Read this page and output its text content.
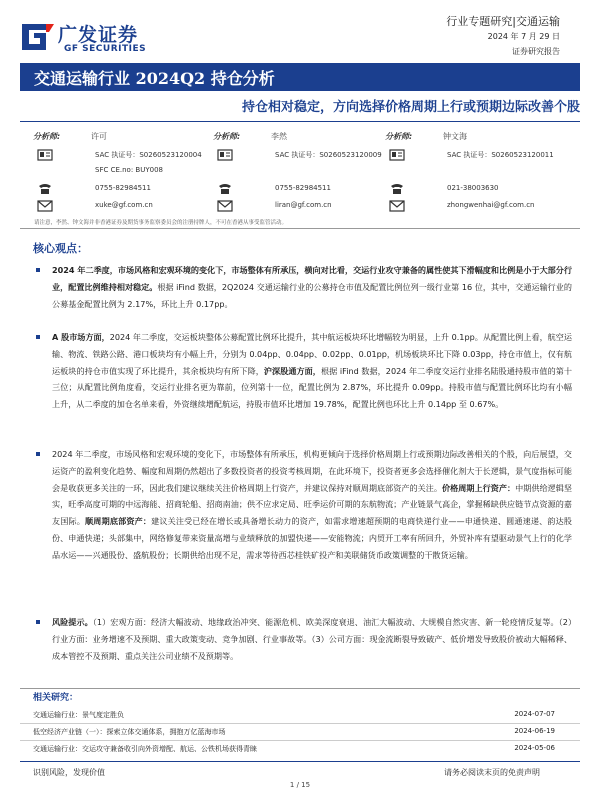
广发证券
GF SECURITIES
行业专题研究|交通运输
2024 年 7 月 29 日
证券研究报告
交通运输行业 2024Q2 持仓分析
持仓相对稳定，方向选择价格周期上行或预期边际改善个股
分析师:	许可
SAC 执证号：S0260523120004
SFC CE.no: BUY008
0755-82984511
xuke@gf.com.cn
分析师:	李然
SAC 执证号：S0260523120009
0755-82984511
liran@gf.com.cn
分析师:	钟文海
SAC 执证号：S0260523120011
021-38003630
zhongwenhai@gf.com.cn
请注意，李然、钟文海并非香港证券及期货事务监察委员会的注册持牌人，不可在香港从事受监管活动。
核心观点：
2024 年二季度，市场风格和宏观环境的变化下，市场整体有所承压，横向对比看，交运行业攻守兼备的属性使其下滑幅度和比例是小于大部分行业，配置比例维持相对稳定。根据 iFind 数据，2Q2024 交通运输行业的公募持仓市值及配置比例位列一级行业第 16 位，其中，交通运输行业的公募基金配置比例为 2.17%，环比上升 0.17pp。
A 股市场方面，2024 年二季度，交运板块整体公募配置比例环比提升，其中航运板块环比增幅较为明显，上升 0.1pp。从配置比例上看，航空运输、物流、铁路公路、港口板块均有小幅上升，分别为 0.04pp、0.04pp、0.02pp、0.01pp，机场板块环比下降 0.03pp，持仓市值上，仅有航运板块的持仓市值实现了环比提升，其余板块均有所下降，沪深股通方面，根据 iFind 数据，2024 年二季度交运行业排名陆股通持股市值的第十三位；从配置比例角度看，交运行业排名更为靠前，位列第十一位，配置比例为 2.87%，环比提升 0.09pp。持股市值与配置比例环比均有小幅上升，从二季度的加仓名单来看，外资继续增配航运，持股市值环比增加 19.78%，配置比例也环比上升 0.14pp 至 0.67%。
2024 年二季度，市场风格和宏观环境的变化下，市场整体有所承压，机构更倾向于选择价格周期上行或预期边际改善相关的个股，向后展望，交运资产的盈利变化趋势、幅度和周期仍然超出了多数投资者的投资考核周期，在此环境下，投资者更多会选择催化剂大于长逻辑，景气度指标可能会是收获更多关注的一环，因此我们建议继续关注价格周期上行资产，并建议保持对顺周期底部资产的关注。价格周期上行资产：中期供给逻辑坚实，旺季高度可期的中远海能、招商轮船、招商南油；供不应求定局、旺季运价可期的东航物流；产业链景气高企，掌握稀缺供应链节点资源的嘉友国际。顺周期底部资产：建议关注受已经在增长或具备增长动力的资产，如需求增速超预期的电商快递行业——申通快递、圆通速递、韵达股份、申通快递；头部集中，网络修复带来资量高增与业绩释放的加盟快递——安能物流；内贸开工率有所回升，外贸补库有望驱动景气上行的化学品水运——兴通股份、盛航股份；长期供给出现不足，需求等待西芯桂铁矿投产和美联储货币政策调整的干散货运输。
风险提示。（1）宏观方面：经济大幅波动、地缘政治冲突、能源危机、欧美深度衰退、油汇大幅波动、大规模自然灾害、新一轮疫情反复等。（2）行业方面：业务增速不及预期、重大政策变动、竞争加剧、行业事故等。（3）公司方面：现金流断裂导致破产、低价增发导致股价被动大幅稀释、成本管控不及预期、重点关注公司业绩不及预期等。
相关研究：
交通运输行业：景气度定胜负	2024-07-07
低空经济产业链（一）：探索立体交通体系，拥抱万亿蓝海市场	2024-06-19
交通运输行业：交运攻守兼备收引向外资增配、航运、公铁机场获得青睐	2024-05-06
识别风险，发现价值	请务必阅读末页的免责声明
1 / 15
